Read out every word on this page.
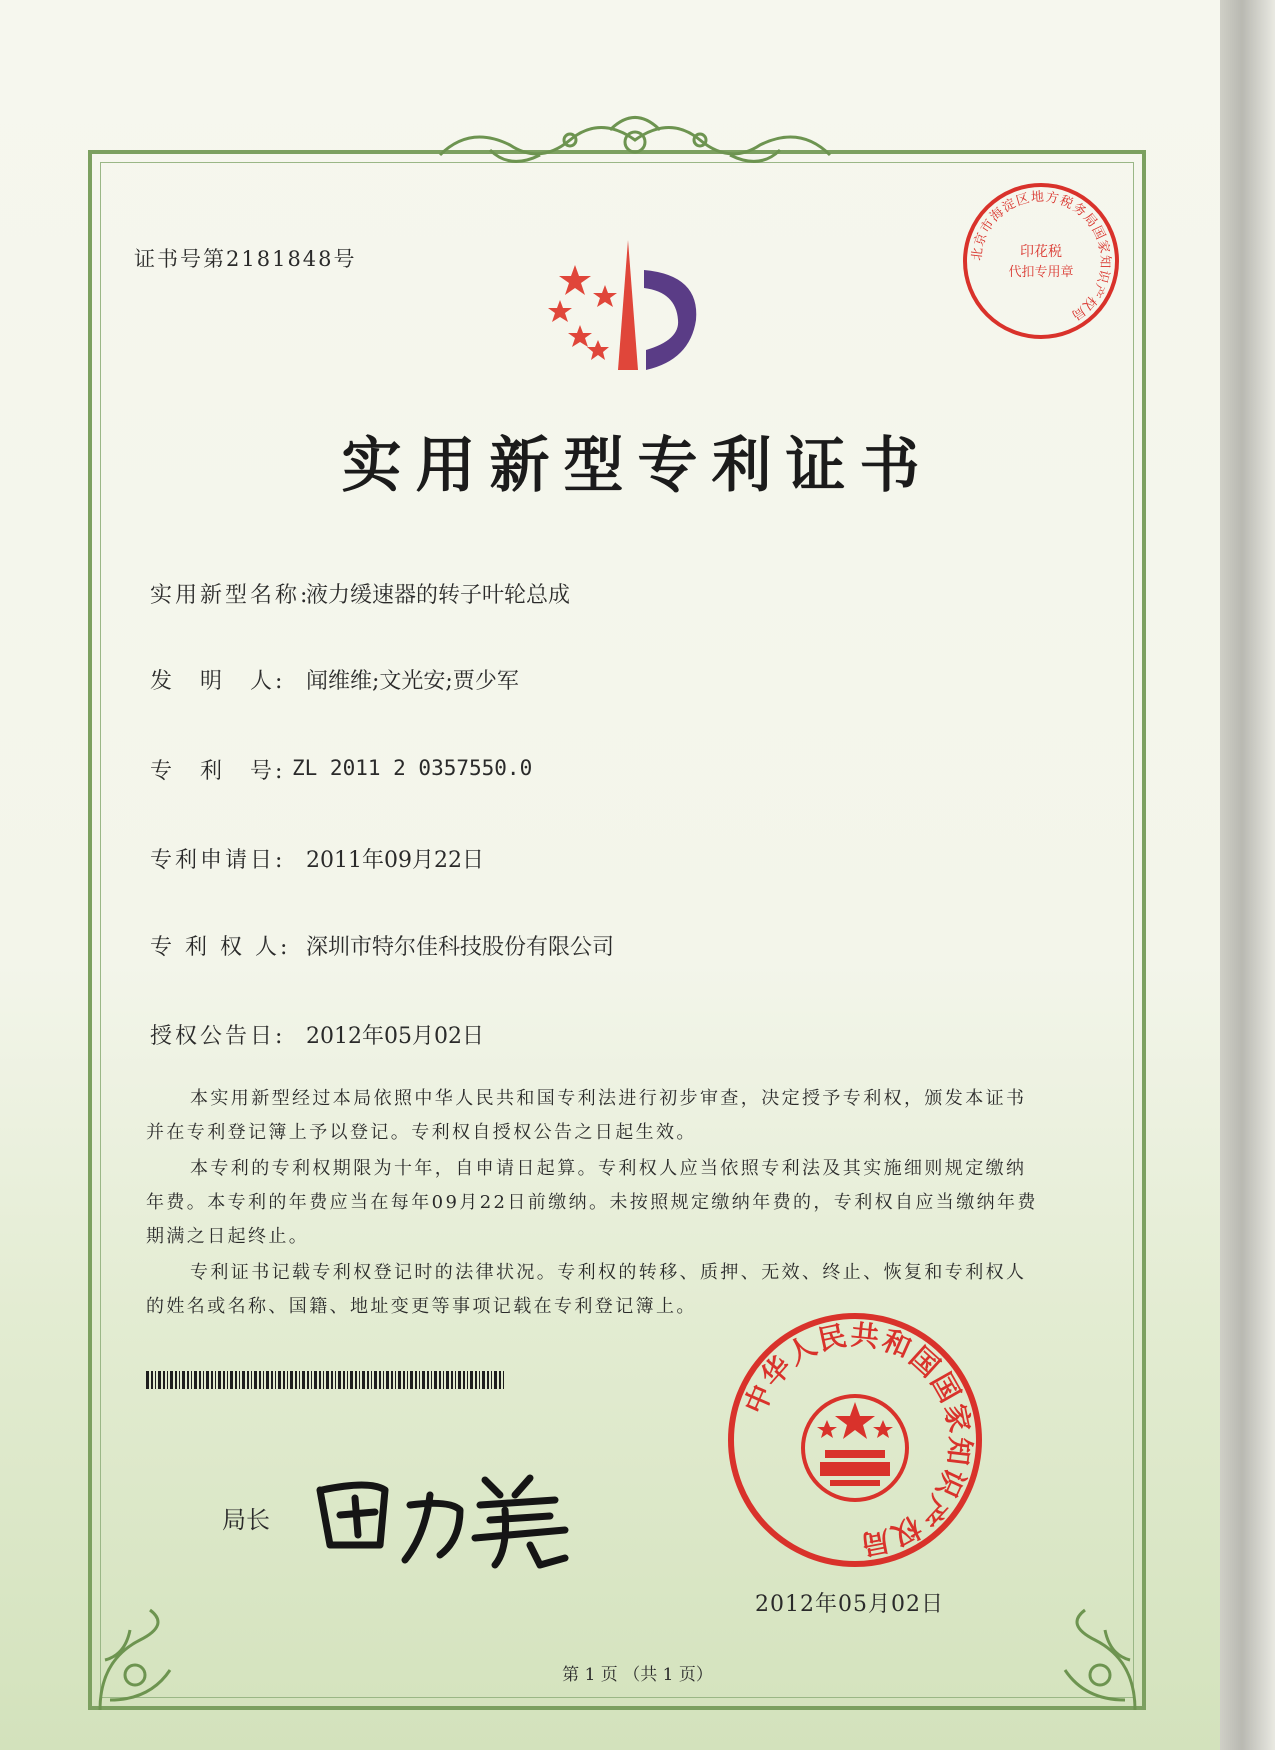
证书号第2181848号	北京市海淀区地方税务局国家知识产权局
印花税
代扣专用章
实用新型专利证书
实用新型名称:
液力缓速器的转子叶轮总成
发　明　人: 闻维维;文光安;贾少军
专　利　号: ZL 2011 2 0357550.0
专利申请日: 2011年09月22日
专 利 权 人: 深圳市特尔佳科技股份有限公司
授权公告日: 2012年05月02日
本实用新型经过本局依照中华人民共和国专利法进行初步审查，决定授予专利权，颁发本证书并在专利登记簿上予以登记。专利权自授权公告之日起生效。
本专利的专利权期限为十年，自申请日起算。专利权人应当依照专利法及其实施细则规定缴纳年费。本专利的年费应当在每年09月22日前缴纳。未按照规定缴纳年费的，专利权自应当缴纳年费期满之日起终止。
专利证书记载专利权登记时的法律状况。专利权的转移、质押、无效、终止、恢复和专利权人的姓名或名称、国籍、地址变更等事项记载在专利登记簿上。
局长
中华人民共和国国家知识产权局
2012年05月02日
第 1 页 （共 1 页）
